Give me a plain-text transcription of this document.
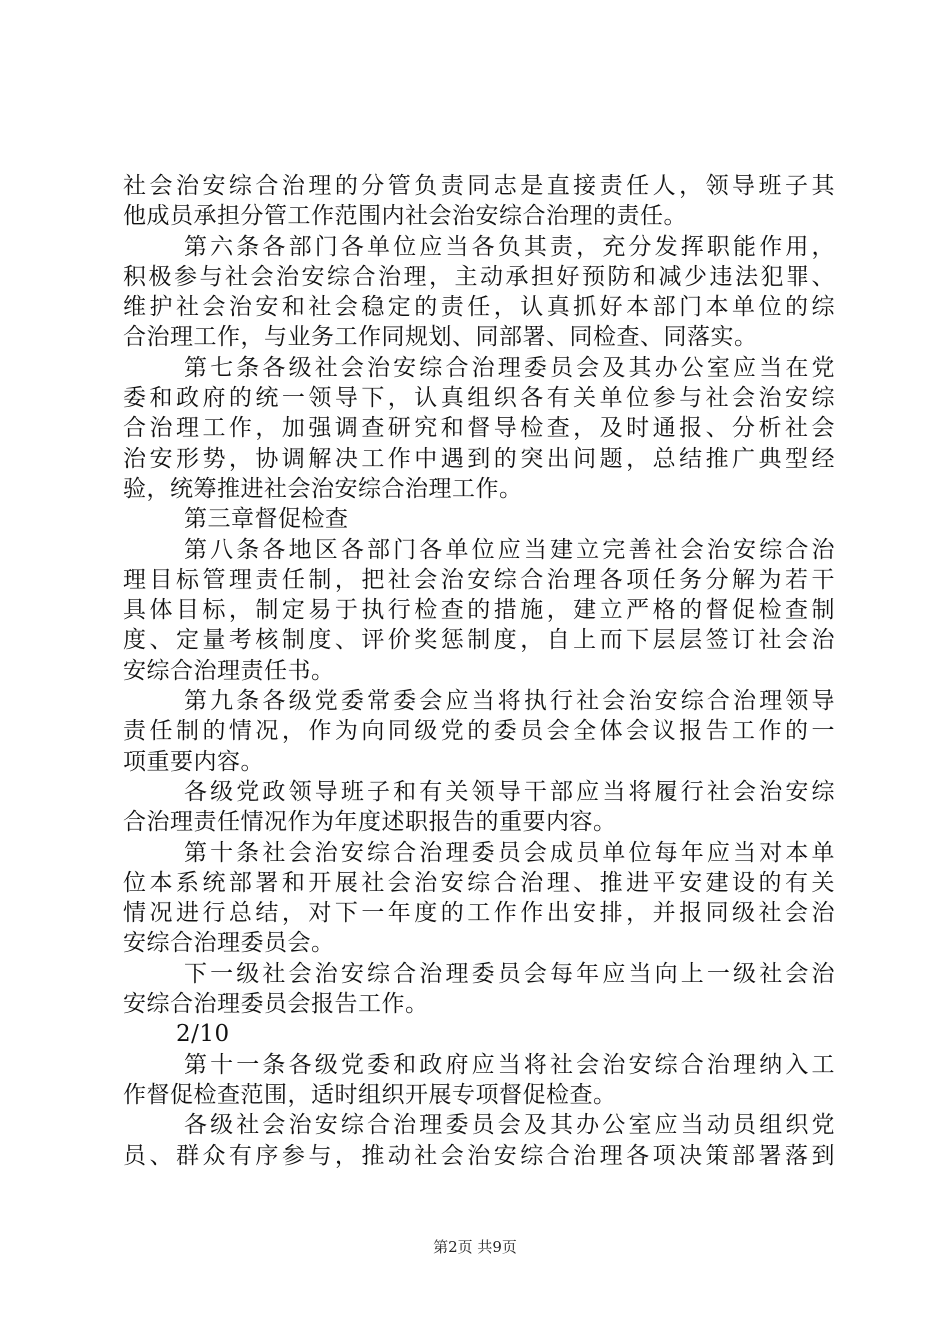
社会治安综合治理的分管负责同志是直接责任人，领导班子其
他成员承担分管工作范围内社会治安综合治理的责任。
第六条各部门各单位应当各负其责，充分发挥职能作用，
积极参与社会治安综合治理，主动承担好预防和减少违法犯罪、
维护社会治安和社会稳定的责任，认真抓好本部门本单位的综
合治理工作，与业务工作同规划、同部署、同检查、同落实。
第七条各级社会治安综合治理委员会及其办公室应当在党
委和政府的统一领导下，认真组织各有关单位参与社会治安综
合治理工作，加强调查研究和督导检查，及时通报、分析社会
治安形势，协调解决工作中遇到的突出问题，总结推广典型经
验，统筹推进社会治安综合治理工作。
第三章督促检查
第八条各地区各部门各单位应当建立完善社会治安综合治
理目标管理责任制，把社会治安综合治理各项任务分解为若干
具体目标，制定易于执行检查的措施，建立严格的督促检查制
度、定量考核制度、评价奖惩制度，自上而下层层签订社会治
安综合治理责任书。
第九条各级党委常委会应当将执行社会治安综合治理领导
责任制的情况，作为向同级党的委员会全体会议报告工作的一
项重要内容。
各级党政领导班子和有关领导干部应当将履行社会治安综
合治理责任情况作为年度述职报告的重要内容。
第十条社会治安综合治理委员会成员单位每年应当对本单
位本系统部署和开展社会治安综合治理、推进平安建设的有关
情况进行总结，对下一年度的工作作出安排，并报同级社会治
安综合治理委员会。
下一级社会治安综合治理委员会每年应当向上一级社会治
安综合治理委员会报告工作。
2/10
第十一条各级党委和政府应当将社会治安综合治理纳入工
作督促检查范围，适时组织开展专项督促检查。
各级社会治安综合治理委员会及其办公室应当动员组织党
员、群众有序参与，推动社会治安综合治理各项决策部署落到
第2页 共9页
